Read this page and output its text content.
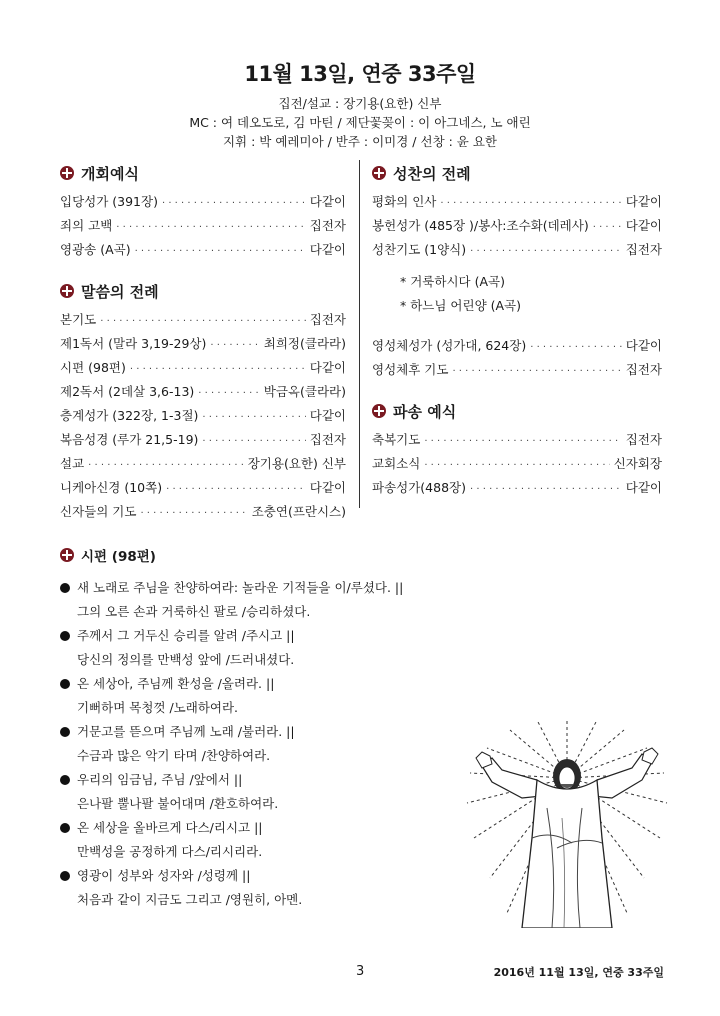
11월 13일, 연중 33주일
집전/설교 : 장기용(요한) 신부
MC : 여 데오도로, 김 마틴 / 제단꽃꽂이 : 이 아그네스, 노 애린
지휘 : 박 예레미아 / 반주 : 이미경 / 선창 : 윤 요한
개회예식
입당성가 (391장) · · ·	다같이
죄의 고백 · · ·	집전자
영광송 (A곡) · · ·	다같이
말씀의 전례
본기도 · · ·	집전자
제1독서 (말라 3,19-29상) · · ·	최희정(클라라)
시편 (98편) · · ·	다같이
제2독서 (2데살 3,6-13) · · ·	박금옥(클라라)
층계성가 (322장, 1-3절) · · ·	다같이
복음성경 (루가 21,5-19) · · ·	집전자
설교 · · ·	장기용(요한) 신부
니케아신경 (10쪽) · · ·	다같이
신자들의 기도 · · ·	조충연(프란시스)
성찬의 전례
평화의 인사 · · ·	다같이
봉헌성가 (485장 )/봉사:조수화(데레사) · · ·	다같이
성찬기도 (1양식) · · ·	집전자
* 거룩하시다 (A곡)
* 하느님 어린양 (A곡)
영성체성가 (성가대, 624장) · · ·	다같이
영성체후 기도 · · ·	집전자
파송 예식
축복기도 · · ·	집전자
교회소식 · · ·	신자회장
파송성가(488장) · · ·	다같이
시편 (98편)
새 노래로 주님을 찬양하여라: 놀라운 기적들을 이/루셨다. ||
그의 오른 손과 거룩하신 팔로 /승리하셨다.
주께서 그 거두신 승리를 알려 /주시고 ||
당신의 정의를 만백성 앞에 /드러내셨다.
온 세상아, 주님께 환성을 /올려라. ||
기뻐하며 목청껏 /노래하여라.
거문고를 뜯으며 주님께 노래 /불러라. ||
수금과 많은 악기 타며 /찬양하여라.
우리의 임금님, 주님 /앞에서 ||
은나팔 뿔나팔 불어대며 /환호하여라.
온 세상을 올바르게 다스/리시고 ||
만백성을 공정하게 다스/리시리라.
영광이 성부와 성자와 /성령께 ||
처음과 같이 지금도 그리고 /영원히, 아멘.
3	2016년 11월 13일, 연중 33주일
